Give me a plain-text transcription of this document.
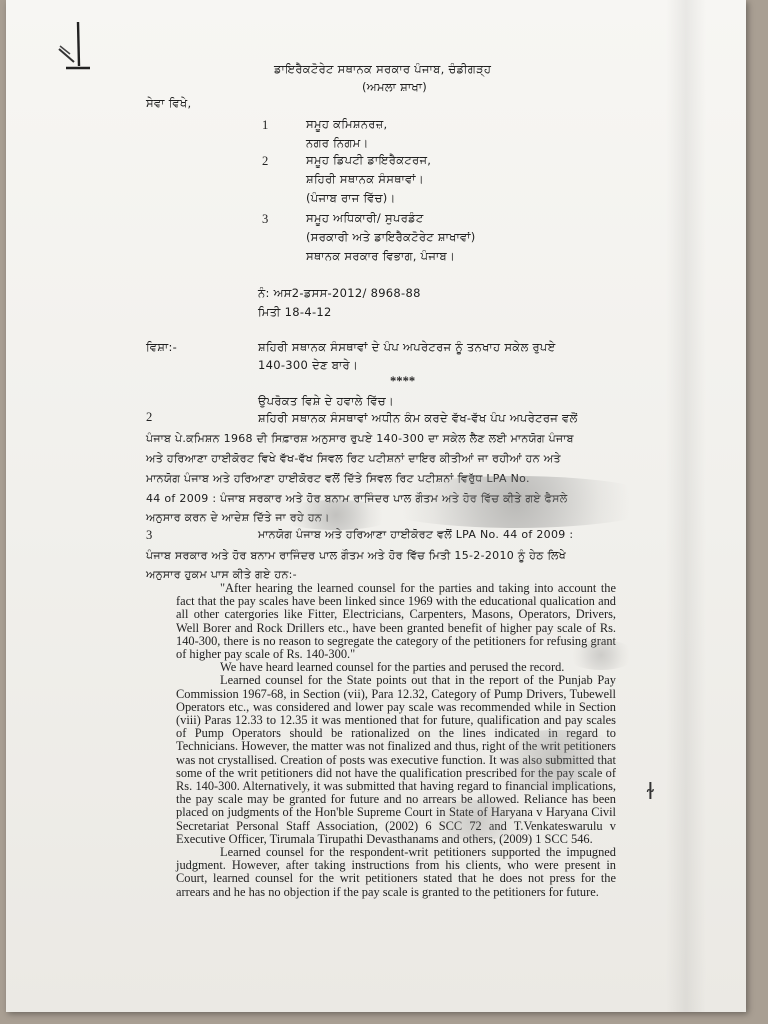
ਡਾਇਰੈਕਟੋਰੇਟ ਸਥਾਨਕ ਸਰਕਾਰ ਪੰਜਾਬ, ਚੰਡੀਗੜ੍ਹ
(ਅਮਲਾ ਸ਼ਾਖਾ)
ਸੇਵਾ ਵਿਖੇ,
1	ਸਮੂਹ ਕਮਿਸ਼ਨਰਜ਼,
ਨਗਰ ਨਿਗਮ।
2	ਸਮੂਹ ਡਿਪਟੀ ਡਾਇਰੈਕਟਰਜ,
ਸ਼ਹਿਰੀ ਸਥਾਨਕ ਸੰਸਥਾਵਾਂ।
(ਪੰਜਾਬ ਰਾਜ ਵਿੱਚ)।
3	ਸਮੂਹ ਅਧਿਕਾਰੀ/ ਸੁਪਰਡੰਟ
(ਸਰਕਾਰੀ ਅਤੇ ਡਾਇਰੈਕਟੋਰੇਟ ਸ਼ਾਖਾਵਾਂ)
ਸਥਾਨਕ ਸਰਕਾਰ ਵਿਭਾਗ, ਪੰਜਾਬ।
ਨੰ: ਅਸ2-ਡਸਸ-2012/ 8968-88
ਮਿਤੀ 18-4-12
ਵਿਸ਼ਾ:-	ਸ਼ਹਿਰੀ ਸਥਾਨਕ ਸੰਸਥਾਵਾਂ ਦੇ ਪੰਪ ਅਪਰੇਟਰਜ ਨੂੰ ਤਨਖਾਹ ਸਕੇਲ ਰੁਪਏ
140-300 ਦੇਣ ਬਾਰੇ।
****
ਉਪਰੋਕਤ ਵਿਸ਼ੇ ਦੇ ਹਵਾਲੇ ਵਿੱਚ।
2	ਸ਼ਹਿਰੀ ਸਥਾਨਕ ਸੰਸਥਾਵਾਂ ਅਧੀਨ ਕੰਮ ਕਰਦੇ ਵੱਖ-ਵੱਖ ਪੰਪ ਅਪਰੇਟਰਜ ਵਲੋਂ
ਪੰਜਾਬ ਪੇ.ਕਮਿਸ਼ਨ 1968 ਦੀ ਸਿਫ਼ਾਰਸ਼ ਅਨੁਸਾਰ ਰੁਪਏ 140-300 ਦਾ ਸਕੇਲ ਲੈਣ ਲਈ ਮਾਨਯੋਗ ਪੰਜਾਬ
ਅਤੇ ਹਰਿਆਣਾ ਹਾਈਕੋਰਟ ਵਿਖੇ ਵੱਖ-ਵੱਖ ਸਿਵਲ ਰਿਟ ਪਟੀਸ਼ਨਾਂ ਦਾਇਰ ਕੀਤੀਆਂ ਜਾ ਰਹੀਆਂ ਹਨ ਅਤੇ
ਮਾਨਯੋਗ ਪੰਜਾਬ ਅਤੇ ਹਰਿਆਣਾ ਹਾਈਕੋਰਟ ਵਲੋਂ ਦਿੱਤੇ ਸਿਵਲ ਰਿਟ ਪਟੀਸ਼ਨਾਂ ਵਿਰੁੱਧ LPA No.
44 of 2009 : ਪੰਜਾਬ ਸਰਕਾਰ ਅਤੇ ਹੋਰ ਬਨਾਮ ਰਾਜਿੰਦਰ ਪਾਲ ਗੌਤਮ ਅਤੇ ਹੋਰ ਵਿੱਚ ਕੀਤੇ ਗਏ ਫੈਸਲੇ
ਅਨੁਸਾਰ ਕਰਨ ਦੇ ਆਦੇਸ਼ ਦਿੱਤੇ ਜਾ ਰਹੇ ਹਨ।
3	ਮਾਨਯੋਗ ਪੰਜਾਬ ਅਤੇ ਹਰਿਆਣਾ ਹਾਈਕੋਰਟ ਵਲੋਂ LPA No. 44 of 2009 :
ਪੰਜਾਬ ਸਰਕਾਰ ਅਤੇ ਹੋਰ ਬਨਾਮ ਰਾਜਿੰਦਰ ਪਾਲ ਗੌਤਮ ਅਤੇ ਹੋਰ ਵਿੱਚ ਮਿਤੀ 15-2-2010 ਨੂੰ ਹੇਠ ਲਿਖੇ
ਅਨੁਸਾਰ ਹੁਕਮ ਪਾਸ ਕੀਤੇ ਗਏ ਹਨ:-

"After hearing the learned counsel for the parties and taking into account the fact that the pay scales have been linked since 1969 with the educational qualication and all other catergories like Fitter, Electricians, Carpenters, Masons, Operators, Drivers, Well Borer and Rock Drillers etc., have been granted benefit of higher pay scale of Rs. 140-300, there is no reason to segregate the category of the petitioners for refusing grant of higher pay scale of Rs. 140-300."

We have heard learned counsel for the parties and perused the record.

Learned counsel for the State points out that in the report of the Punjab Pay Commission 1967-68, in Section (vii), Para 12.32, Category of Pump Drivers, Tubewell Operators etc., was considered and lower pay scale was recommended while in Section (viii) Paras 12.33 to 12.35 it was mentioned that for future, qualification and pay scales of Pump Operators should be rationalized on the lines indicated in regard to Technicians. However, the matter was not finalized and thus, right of the writ petitioners was not crystallised. Creation of posts was executive function. It was also submitted that some of the writ petitioners did not have the qualification prescribed for the pay scale of Rs. 140-300. Alternatively, it was submitted that having regard to financial implications, the pay scale may be granted for future and no arrears be allowed. Reliance has been placed on judgments of the Hon'ble Supreme Court in State of Haryana v Haryana Civil Secretariat Personal Staff Association, (2002) 6 SCC 72 and T.Venkateswarulu v Executive Officer, Tirumala Tirupathi Devasthanams and others, (2009) 1 SCC 546.

Learned counsel for the respondent-writ petitioners supported the impugned judgment. However, after taking instructions from his clients, who were present in Court, learned counsel for the writ petitioners stated that he does not press for the arrears and he has no objection if the pay scale is granted to the petitioners for future.

ɫ
